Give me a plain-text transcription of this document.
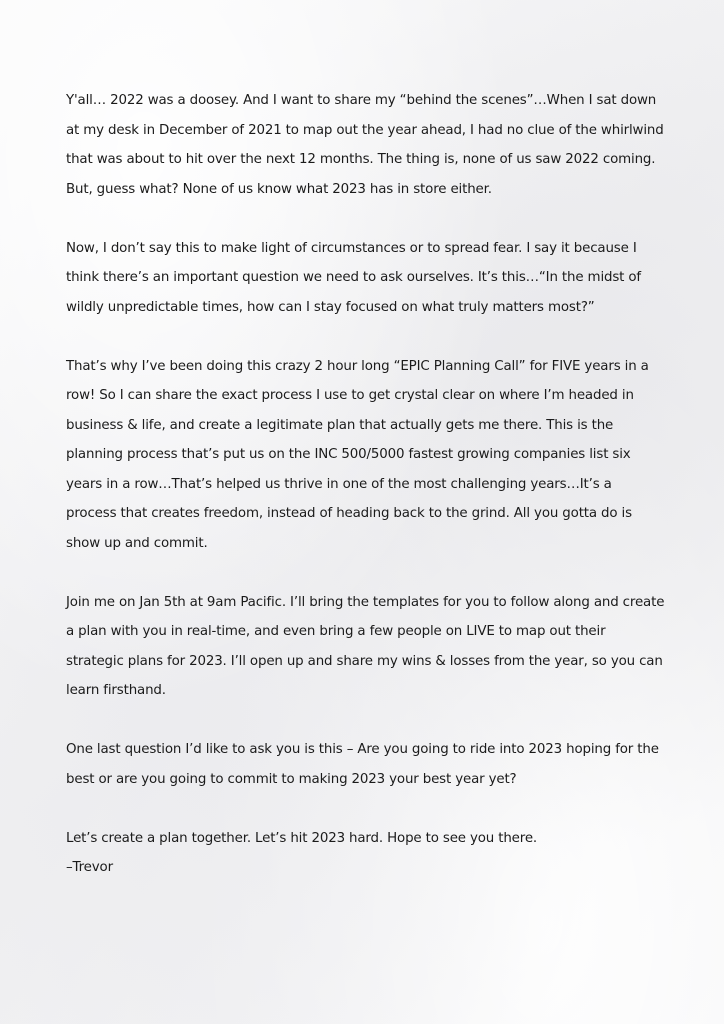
Y'all… 2022 was a doosey. And I want to share my “behind the scenes”…When I sat down at my desk in December of 2021 to map out the year ahead, I had no clue of the whirlwind that was about to hit over the next 12 months. The thing is, none of us saw 2022 coming. But, guess what? None of us know what 2023 has in store either.

Now, I don’t say this to make light of circumstances or to spread fear. I say it because I think there’s an important question we need to ask ourselves. It’s this…“In the midst of wildly unpredictable times, how can I stay focused on what truly matters most?”

That’s why I’ve been doing this crazy 2 hour long “EPIC Planning Call” for FIVE years in a row! So I can share the exact process I use to get crystal clear on where I’m headed in business & life, and create a legitimate plan that actually gets me there. This is the planning process that’s put us on the INC 500/5000 fastest growing companies list six years in a row…That’s helped us thrive in one of the most challenging years…It’s a process that creates freedom, instead of heading back to the grind. All you gotta do is show up and commit.

Join me on Jan 5th at 9am Pacific. I’ll bring the templates for you to follow along and create a plan with you in real-time, and even bring a few people on LIVE to map out their strategic plans for 2023. I’ll open up and share my wins & losses from the year, so you can learn firsthand.

One last question I’d like to ask you is this – Are you going to ride into 2023 hoping for the best or are you going to commit to making 2023 your best year yet?

Let’s create a plan together. Let’s hit 2023 hard. Hope to see you there.

–Trevor
